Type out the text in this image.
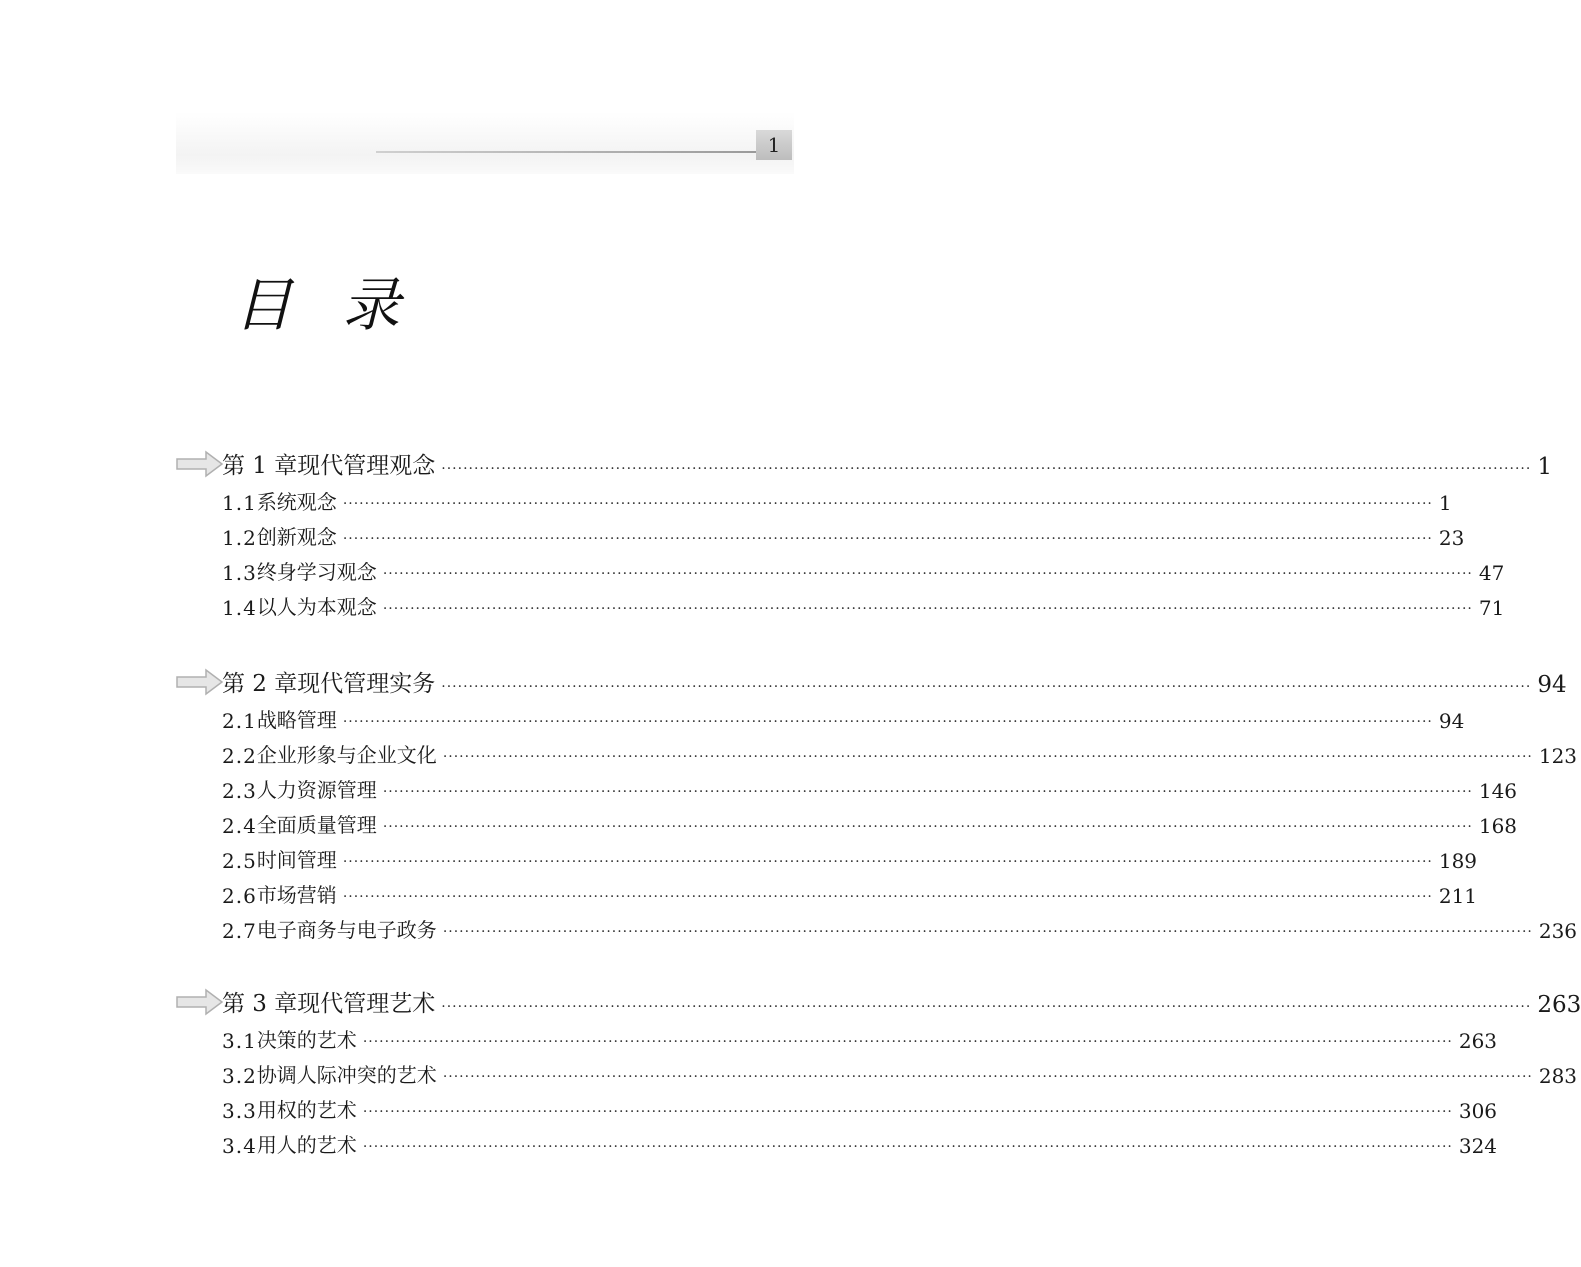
1
目录
第 1 章 现代管理观念 ········································································································································································································ 1
1.1 系统观念 ········································································································································································································ 1
1.2 创新观念 ········································································································································································································ 23
1.3 终身学习观念 ········································································································································································································ 47
1.4 以人为本观念 ········································································································································································································ 71
第 2 章 现代管理实务 ········································································································································································································ 94
2.1 战略管理 ········································································································································································································ 94
2.2 企业形象与企业文化 ········································································································································································································ 123
2.3 人力资源管理 ········································································································································································································ 146
2.4 全面质量管理 ········································································································································································································ 168
2.5 时间管理 ········································································································································································································ 189
2.6 市场营销 ········································································································································································································ 211
2.7 电子商务与电子政务 ········································································································································································································ 236
第 3 章 现代管理艺术 ········································································································································································································ 263
3.1 决策的艺术 ········································································································································································································ 263
3.2 协调人际冲突的艺术 ········································································································································································································ 283
3.3 用权的艺术 ········································································································································································································ 306
3.4 用人的艺术 ········································································································································································································ 324
